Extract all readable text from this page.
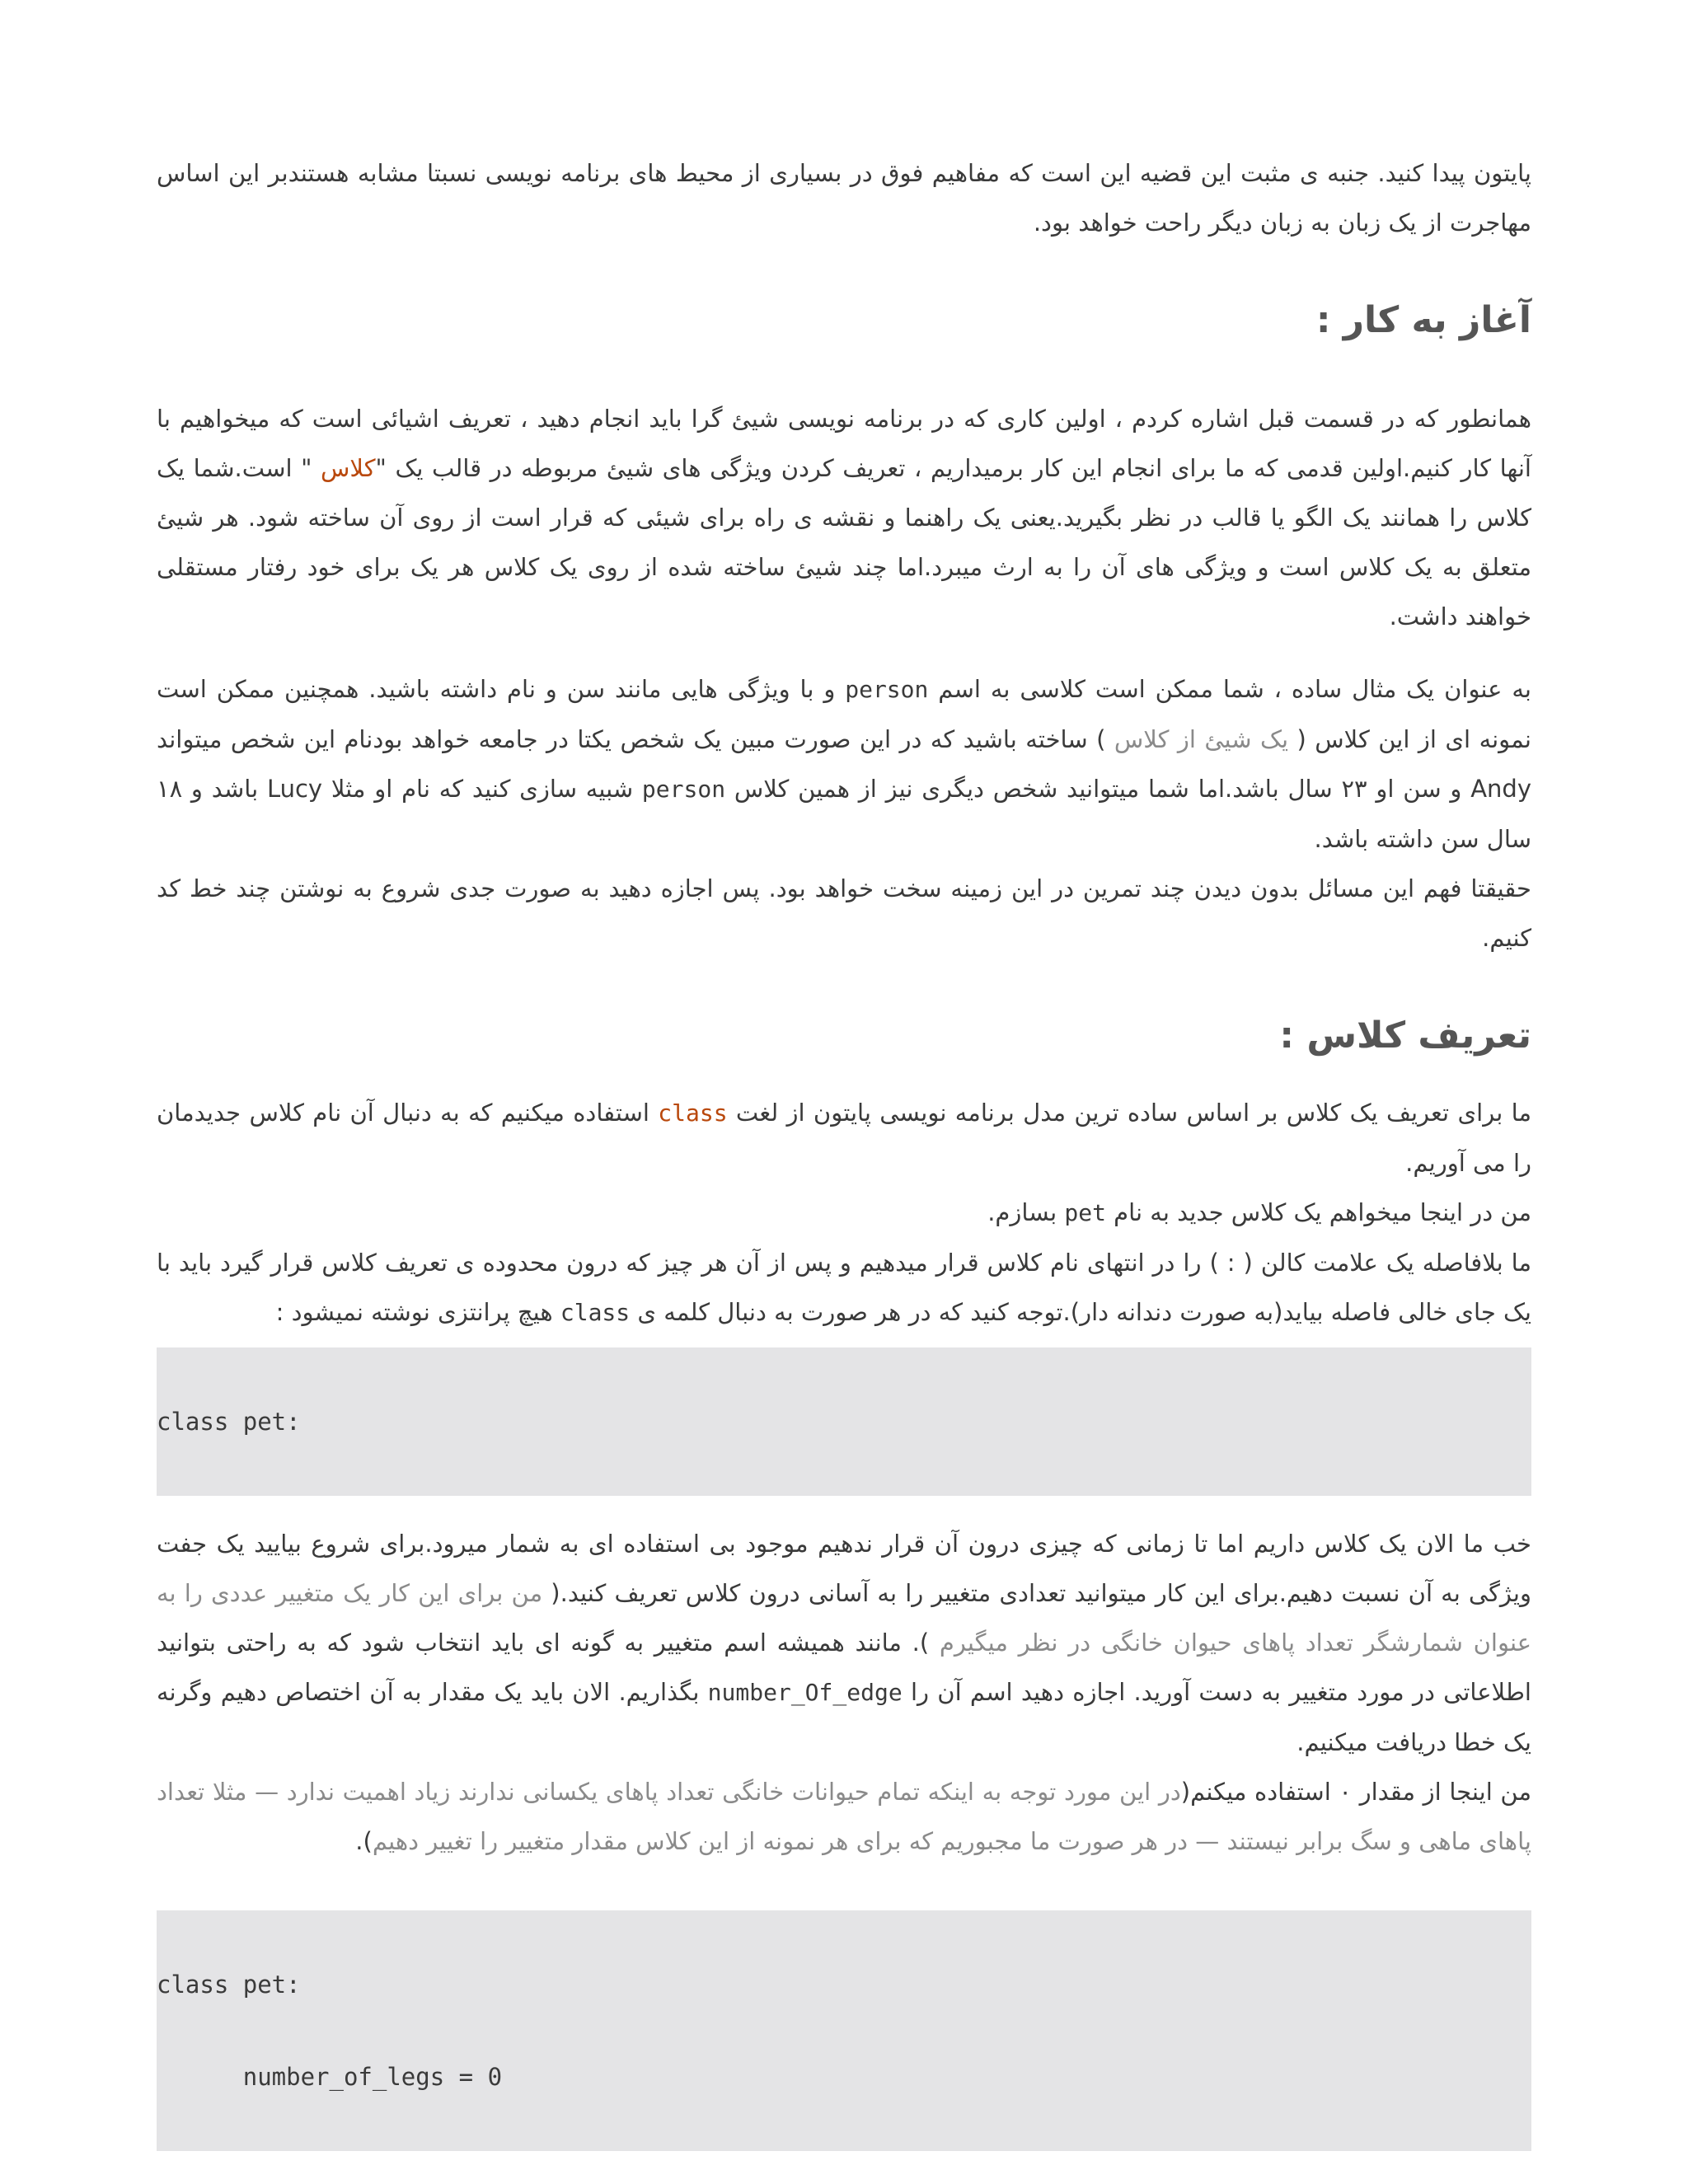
پایتون پیدا کنید. جنبه ی مثبت این قضیه این است که مفاهیم فوق در بسیاری از محیط های برنامه نویسی نسبتا مشابه هستندبر این اساس مهاجرت از یک زبان به زبان دیگر راحت خواهد بود.

آغاز به کار :

همانطور که در قسمت قبل اشاره کردم ، اولین کاری که در برنامه نویسی شیئ گرا باید انجام دهید ، تعریف اشیائی است که میخواهیم با آنها کار کنیم.اولین قدمی که ما برای انجام این کار برمیداریم ، تعریف کردن ویژگی های شیئ مربوطه در قالب یک "کلاس " است.شما یک کلاس را همانند یک الگو یا قالب در نظر بگیرید.یعنی یک راهنما و نقشه ی راه برای شیئی که قرار است از روی آن ساخته شود. هر شیئ متعلق به یک کلاس است و ویژگی های آن را به ارث میبرد.اما چند شیئ ساخته شده از روی یک کلاس هر یک برای خود رفتار مستقلی خواهند داشت.

به عنوان یک مثال ساده ، شما ممکن است کلاسی به اسم person و با ویژگی هایی مانند سن و نام داشته باشید. همچنین ممکن است نمونه ای از این کلاس ( یک شیئ از کلاس ) ساخته باشید که در این صورت مبین یک شخص یکتا در جامعه خواهد بودنام این شخص میتواند Andy و سن او ۲۳ سال باشد.اما شما میتوانید شخص دیگری نیز از همین کلاس person شبیه سازی کنید که نام او مثلا Lucy باشد و ۱۸ سال سن داشته باشد.

حقیقتا فهم این مسائل بدون دیدن چند تمرین در این زمینه سخت خواهد بود. پس اجازه دهید به صورت جدی شروع به نوشتن چند خط کد کنیم.

تعریف کلاس :

ما برای تعریف یک کلاس بر اساس ساده ترین مدل برنامه نویسی پایتون از لغت class استفاده میکنیم که به دنبال آن نام کلاس جدیدمان را می آوریم.

من در اینجا میخواهم یک کلاس جدید به نام pet بسازم.

ما بلافاصله یک علامت کالن ( : ) را در انتهای نام کلاس قرار میدهیم و پس از آن هر چیز که درون محدوده ی تعریف کلاس قرار گیرد باید با یک جای خالی فاصله بیاید(به صورت دندانه دار).توجه کنید که در هر صورت به دنبال کلمه ی class هیچ پرانتزی نوشته نمیشود :

class pet:

خب ما الان یک کلاس داریم اما تا زمانی که چیزی درون آن قرار ندهیم موجود بی استفاده ای به شمار میرود.برای شروع بیایید یک جفت ویژگی به آن نسبت دهیم.برای این کار میتوانید تعدادی متغییر را به آسانی درون کلاس تعریف کنید.( من برای این کار یک متغییر عددی را به عنوان شمارشگر تعداد پاهای حیوان خانگی در نظر میگیرم ). مانند همیشه اسم متغییر به گونه ای باید انتخاب شود که به راحتی بتوانید اطلاعاتی در مورد متغییر به دست آورید. اجازه دهید اسم آن را number_Of_edge بگذاریم. الان باید یک مقدار به آن اختصاص دهیم وگرنه یک خطا دریافت میکنیم.

من اینجا از مقدار ۰ استفاده میکنم(در این مورد توجه به اینکه تمام حیوانات خانگی تعداد پاهای یکسانی ندارند زیاد اهمیت ندارد — مثلا تعداد پاهای ماهی و سگ برابر نیستند — در هر صورت ما مجبوریم که برای هر نمونه از این کلاس مقدار متغییر را تغییر دهیم).

class pet:

number_of_legs = 0
